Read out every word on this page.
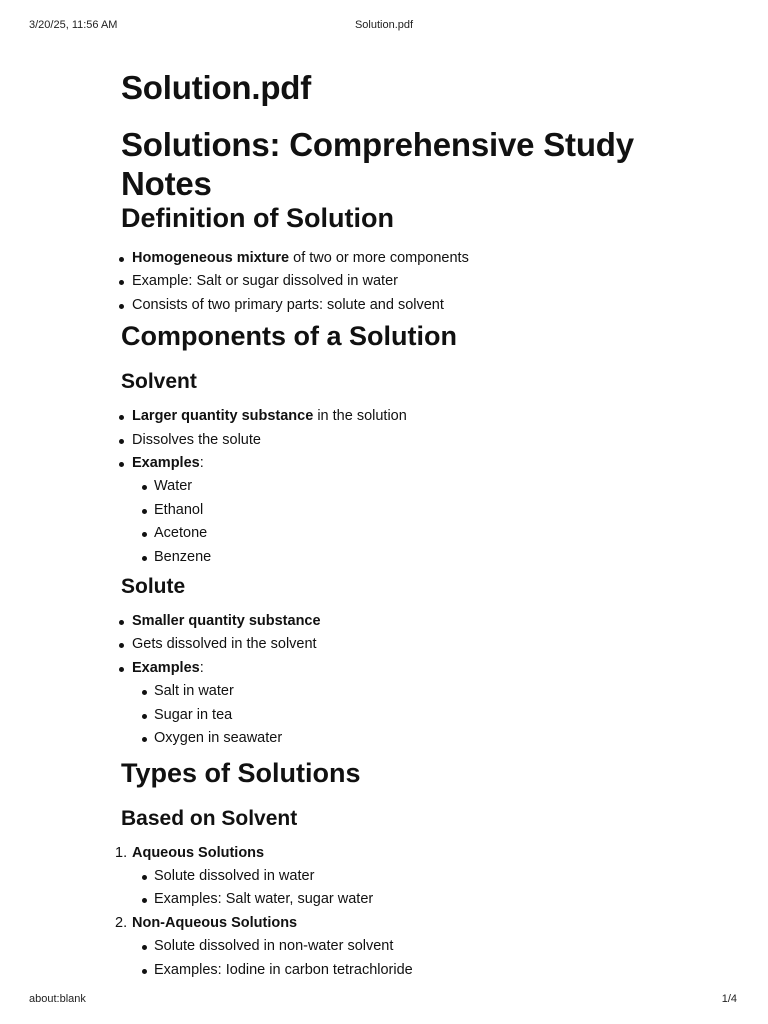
3/20/25, 11:56 AM	Solution.pdf
Solution.pdf
Solutions: Comprehensive Study Notes
Definition of Solution
Homogeneous mixture of two or more components
Example: Salt or sugar dissolved in water
Consists of two primary parts: solute and solvent
Components of a Solution
Solvent
Larger quantity substance in the solution
Dissolves the solute
Examples:
Water
Ethanol
Acetone
Benzene
Solute
Smaller quantity substance
Gets dissolved in the solvent
Examples:
Salt in water
Sugar in tea
Oxygen in seawater
Types of Solutions
Based on Solvent
1. Aqueous Solutions
Solute dissolved in water
Examples: Salt water, sugar water
2. Non-Aqueous Solutions
Solute dissolved in non-water solvent
Examples: Iodine in carbon tetrachloride
about:blank	1/4
